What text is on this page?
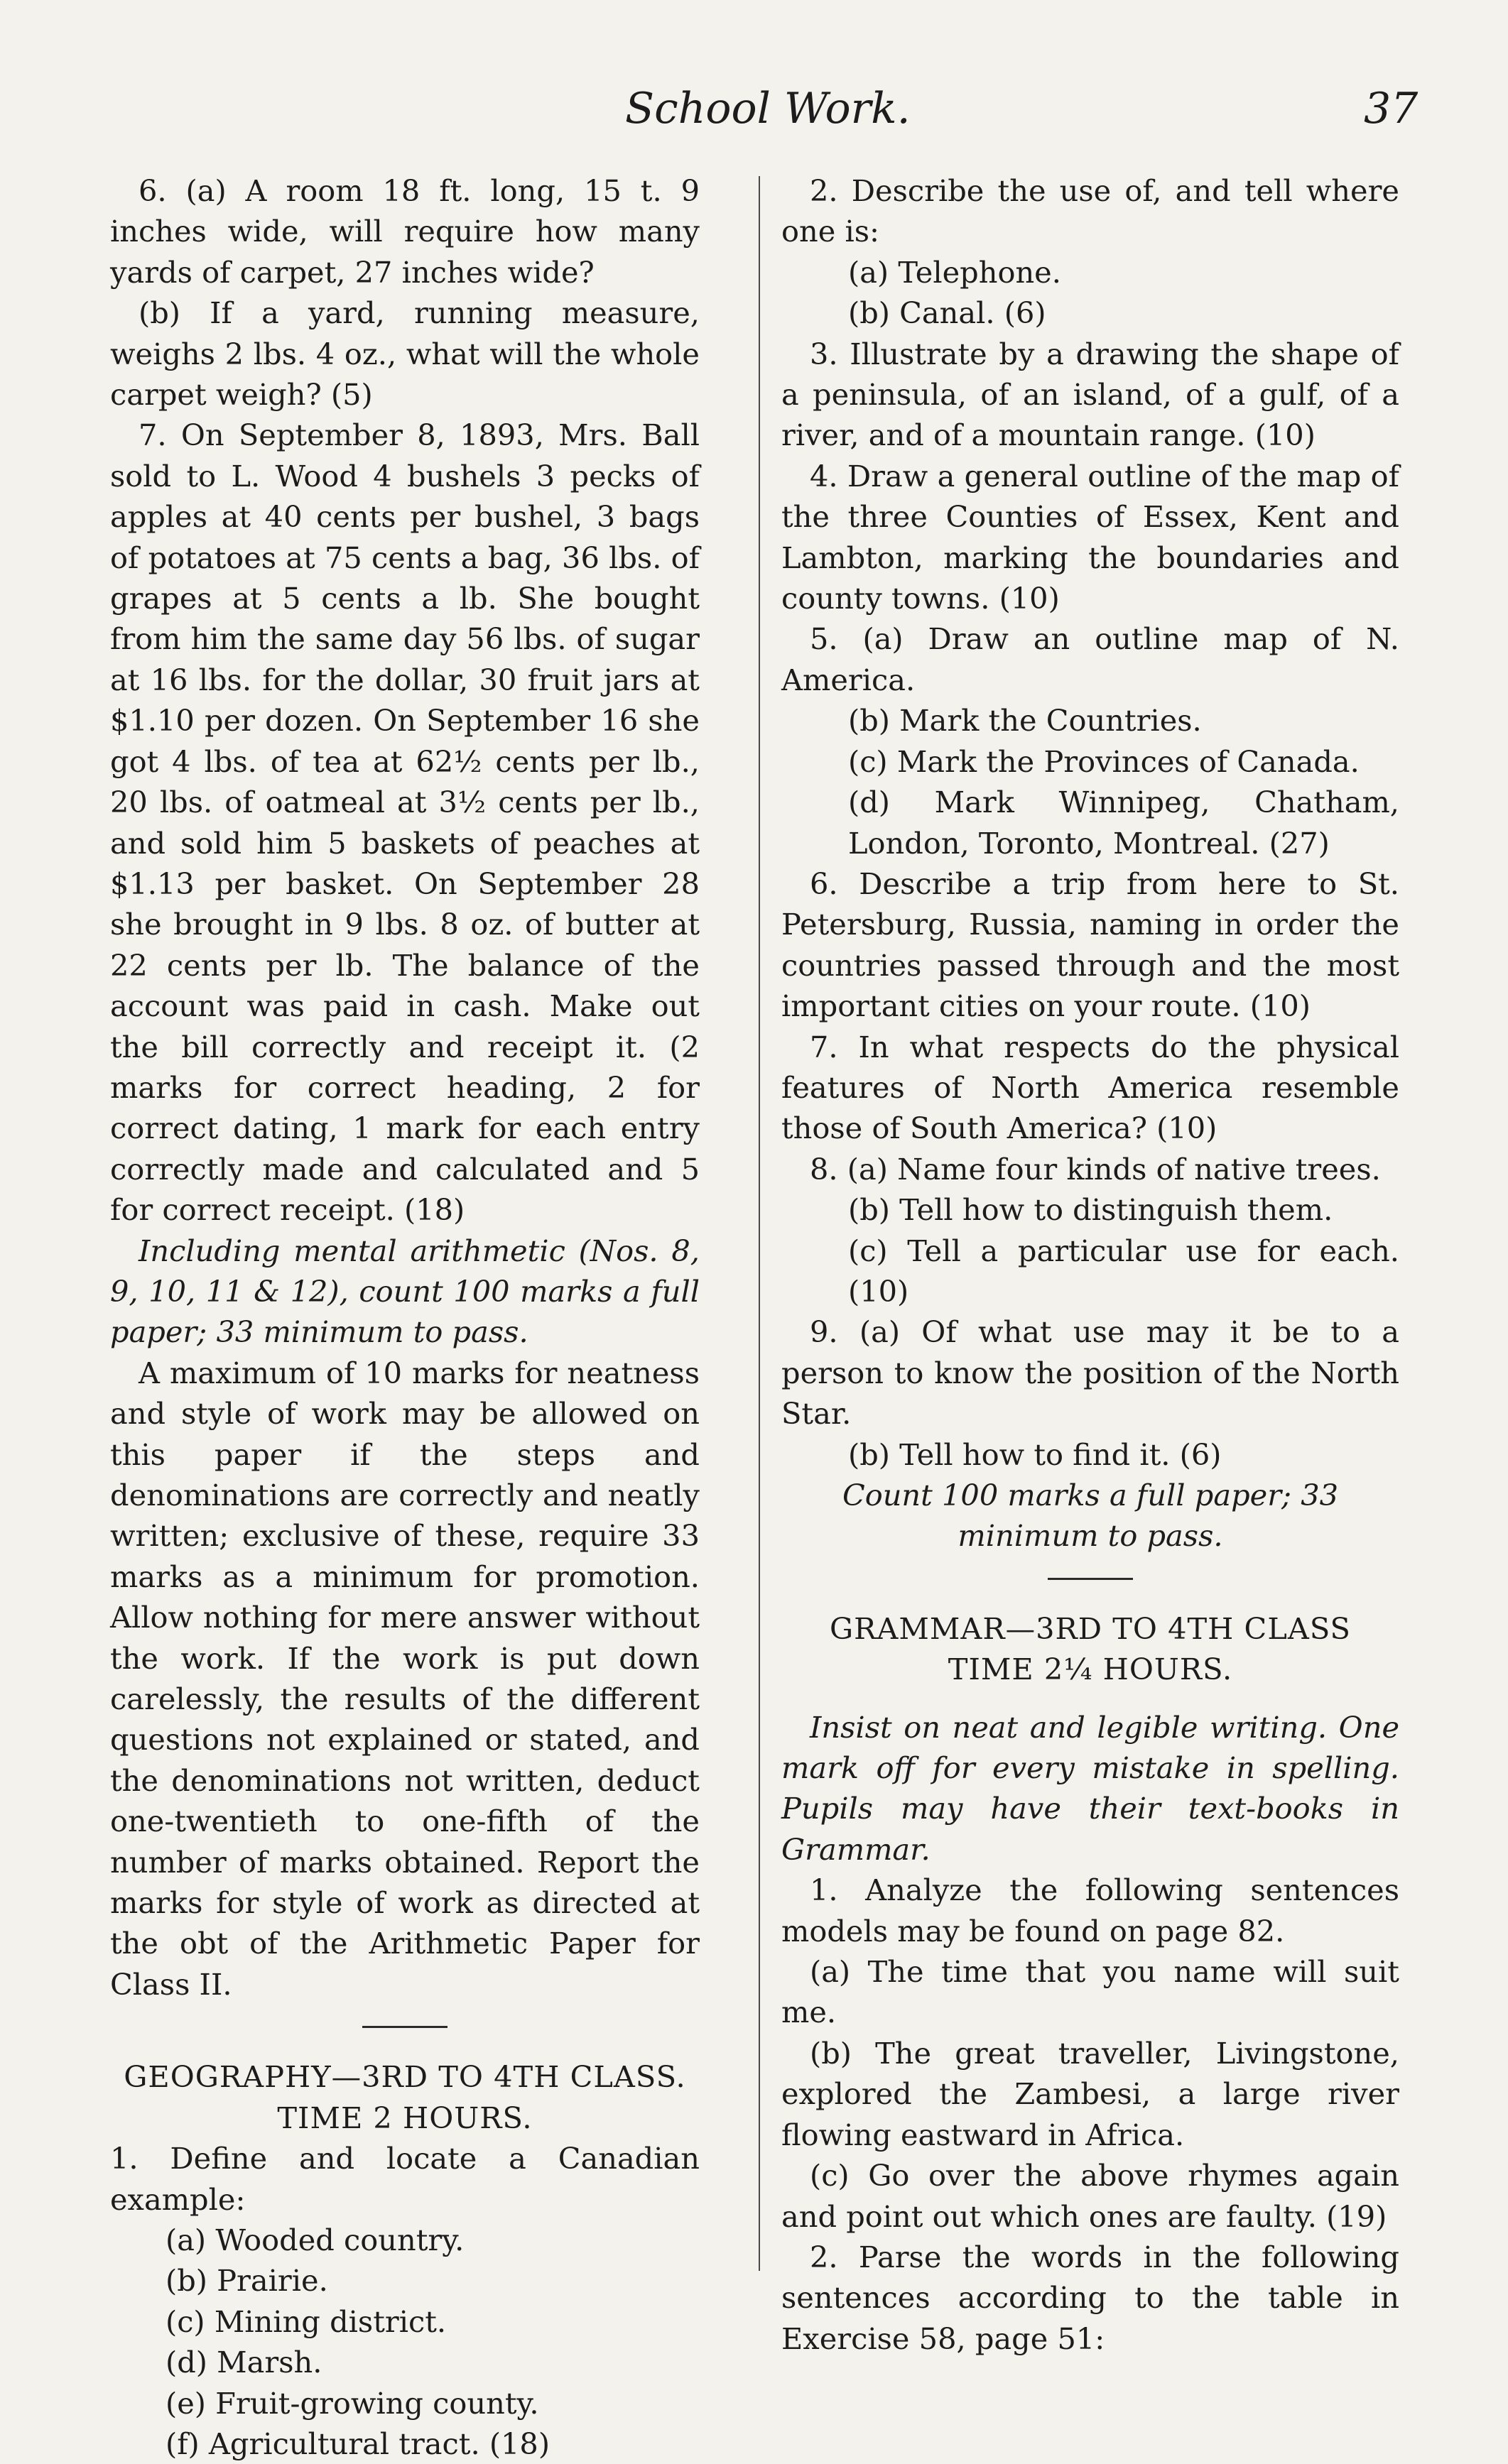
School Work.	37

6. (a) A room 18 ft. long, 15 t. 9 inches wide, will require how many yards of carpet, 27 inches wide?

(b) If a yard, running measure, weighs 2 lbs. 4 oz., what will the whole carpet weigh? (5)

7. On September 8, 1893, Mrs. Ball sold to L. Wood 4 bushels 3 pecks of apples at 40 cents per bushel, 3 bags of potatoes at 75 cents a bag, 36 lbs. of grapes at 5 cents a lb. She bought from him the same day 56 lbs. of sugar at 16 lbs. for the dollar, 30 fruit jars at $1.10 per dozen. On September 16 she got 4 lbs. of tea at 62½ cents per lb., 20 lbs. of oatmeal at 3½ cents per lb., and sold him 5 baskets of peaches at $1.13 per basket. On September 28 she brought in 9 lbs. 8 oz. of butter at 22 cents per lb. The balance of the account was paid in cash. Make out the bill correctly and receipt it. (2 marks for correct heading, 2 for correct dating, 1 mark for each entry correctly made and calculated and 5 for correct receipt. (18)

Including mental arithmetic (Nos. 8, 9, 10, 11 & 12), count 100 marks a full paper; 33 minimum to pass.

A maximum of 10 marks for neatness and style of work may be allowed on this paper if the steps and denominations are correctly and neatly written; exclusive of these, require 33 marks as a minimum for promotion. Allow nothing for mere answer without the work. If the work is put down carelessly, the results of the different questions not explained or stated, and the denominations not written, deduct one-twentieth to one-fifth of the number of marks obtained. Report the marks for style of work as directed at the obt of the Arithmetic Paper for Class II.

GEOGRAPHY—3RD TO 4TH CLASS.

TIME 2 HOURS.

1. Define and locate a Canadian example:

(a) Wooded country.

(b) Prairie.

(c) Mining district.

(d) Marsh.

(e) Fruit-growing county.

(f) Agricultural tract. (18)

2. Describe the use of, and tell where one is:

(a) Telephone.

(b) Canal. (6)

3. Illustrate by a drawing the shape of a peninsula, of an island, of a gulf, of a river, and of a mountain range. (10)

4. Draw a general outline of the map of the three Counties of Essex, Kent and Lambton, marking the boundaries and county towns. (10)

5. (a) Draw an outline map of N. America.

(b) Mark the Countries.

(c) Mark the Provinces of Canada.

(d) Mark Winnipeg, Chatham, London, Toronto, Montreal. (27)

6. Describe a trip from here to St. Petersburg, Russia, naming in order the countries passed through and the most important cities on your route. (10)

7. In what respects do the physical features of North America resemble those of South America? (10)

8. (a) Name four kinds of native trees.

(b) Tell how to distinguish them.

(c) Tell a particular use for each. (10)

9. (a) Of what use may it be to a person to know the position of the North Star.

(b) Tell how to find it. (6)

Count 100 marks a full paper; 33 minimum to pass.

GRAMMAR—3RD TO 4TH CLASS

TIME 2¼ HOURS.

Insist on neat and legible writing. One mark off for every mistake in spelling. Pupils may have their text-books in Grammar.

1. Analyze the following sentences models may be found on page 82.

(a) The time that you name will suit me.

(b) The great traveller, Livingstone, explored the Zambesi, a large river flowing eastward in Africa.

(c) Go over the above rhymes again and point out which ones are faulty. (19)

2. Parse the words in the following sentences according to the table in Exercise 58, page 51:
